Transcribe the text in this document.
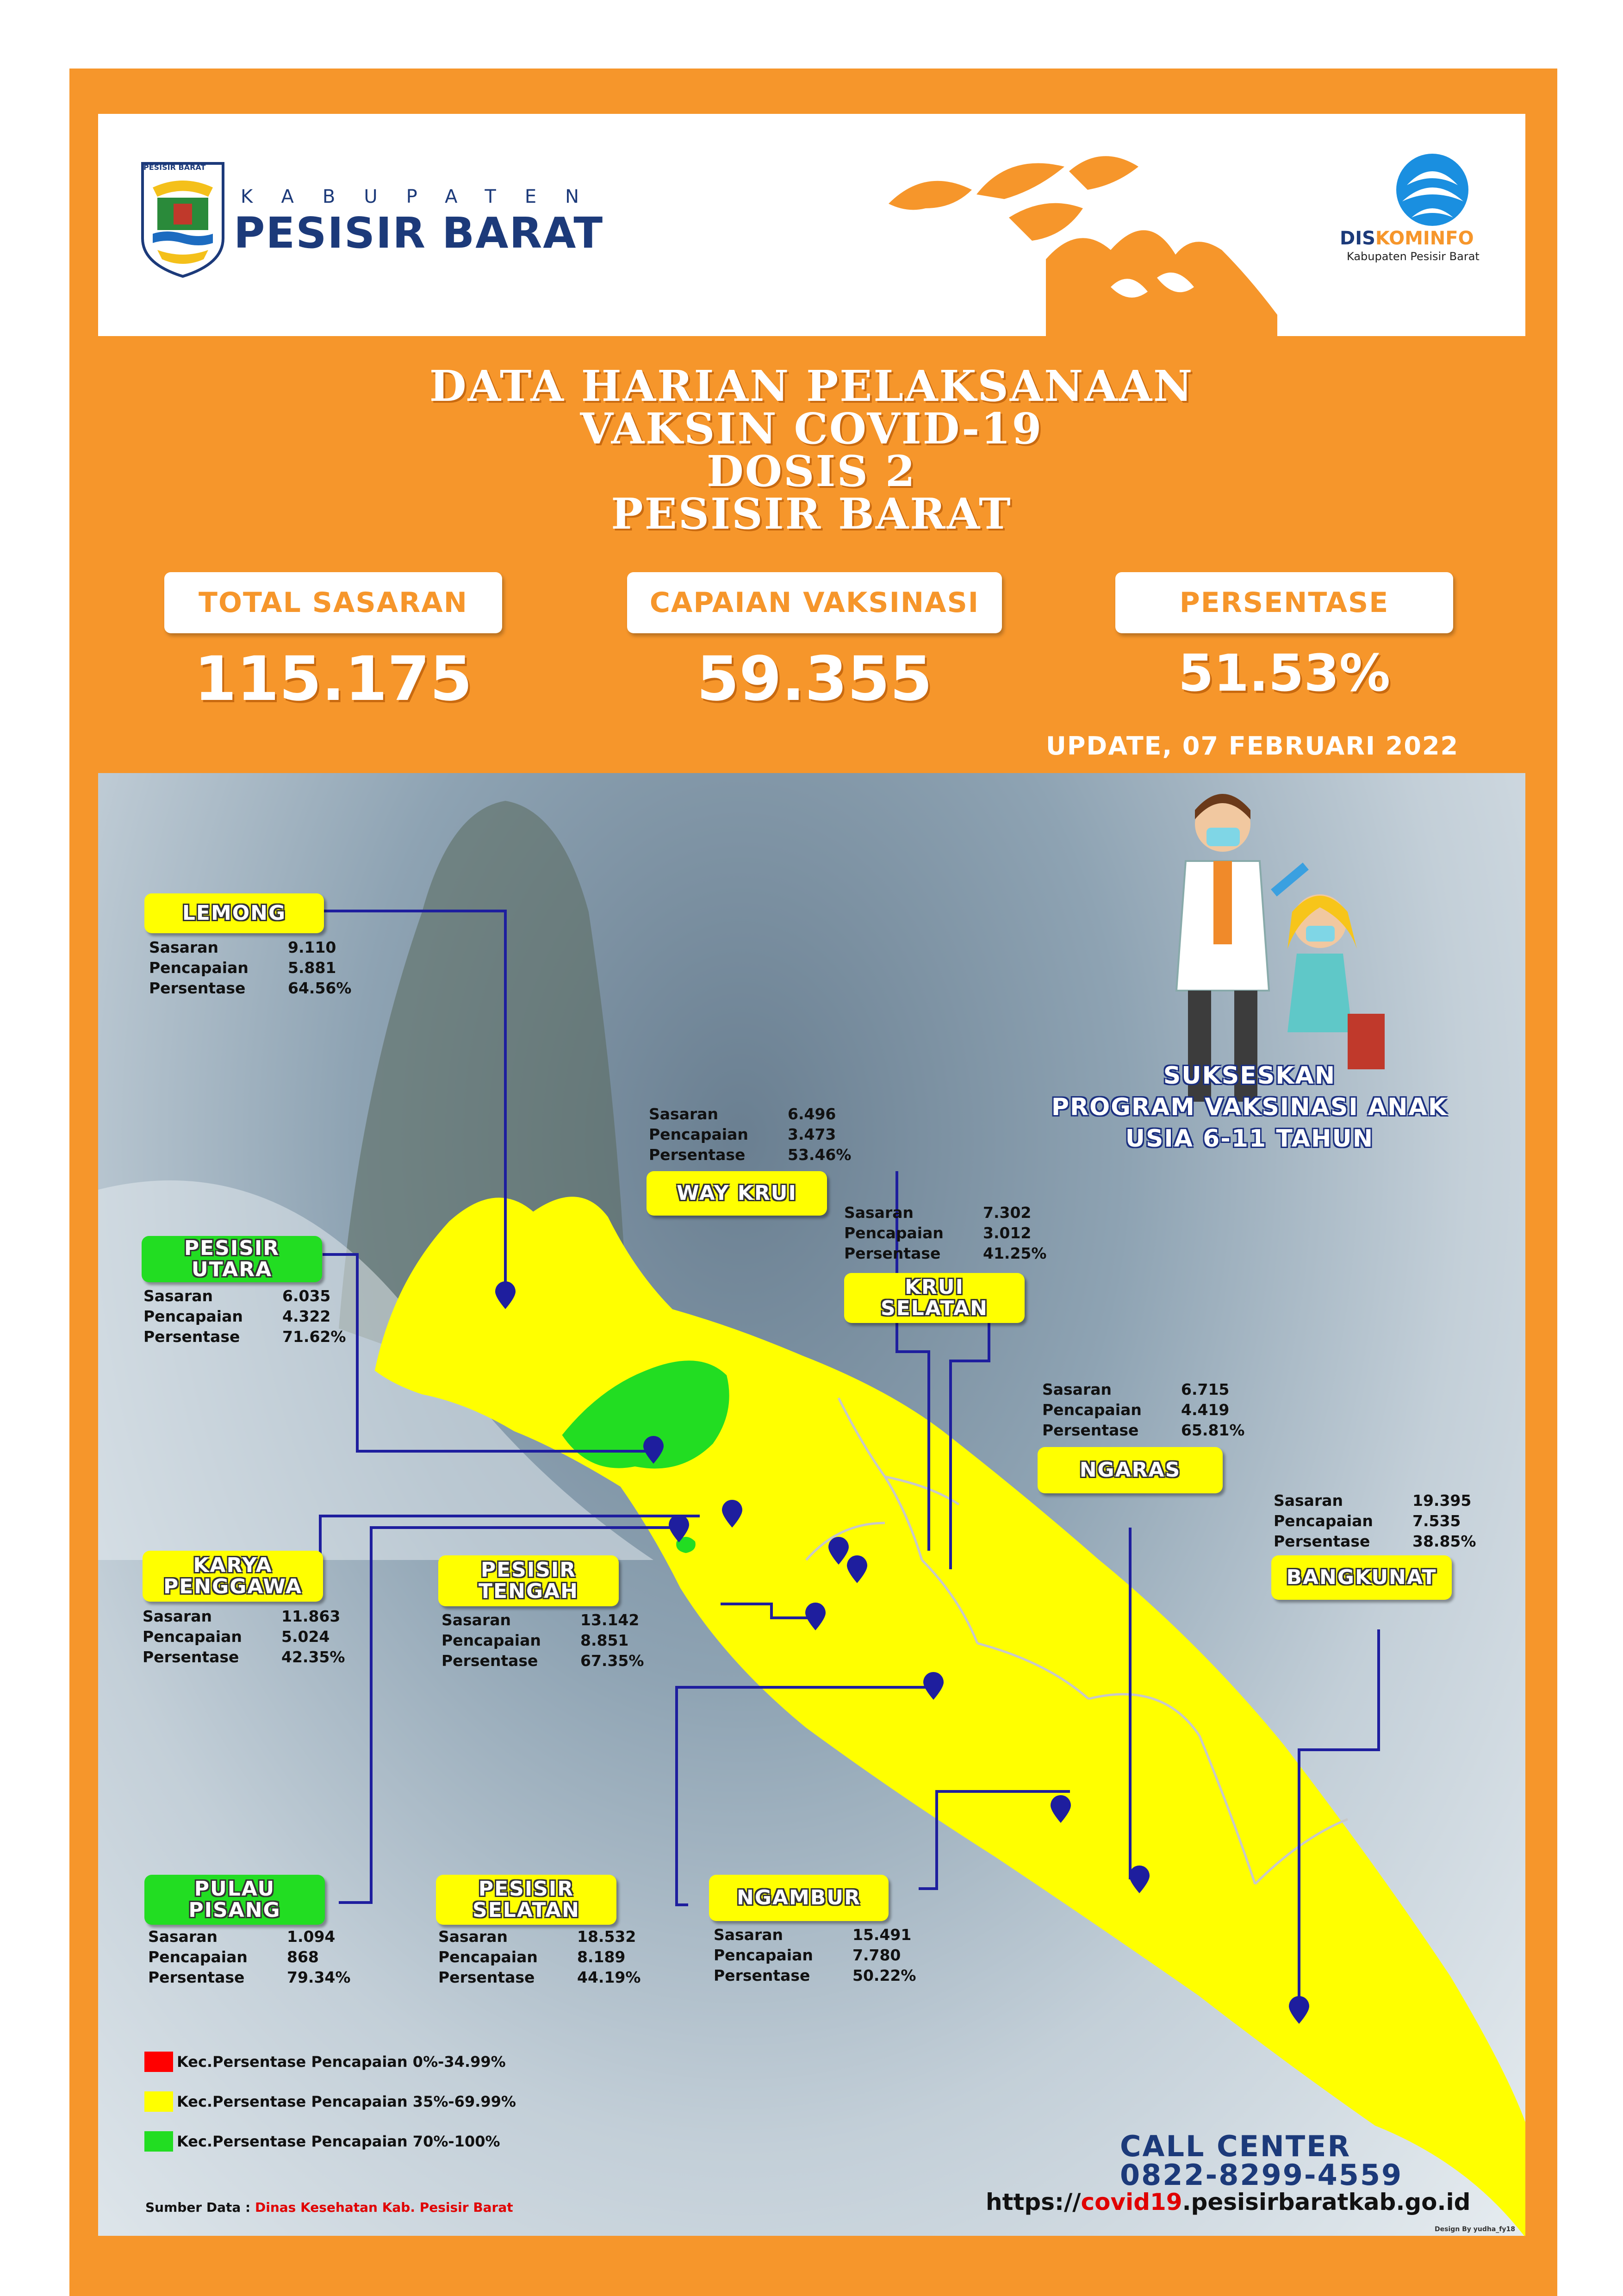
PESISIR BARAT
KABUPATEN
PESISIR BARAT	DISKOMINFO
Kabupaten Pesisir Barat
DATA HARIAN PELAKSANAAN
VAKSIN COVID-19
DOSIS 2
PESISIR BARAT
TOTAL SASARAN	CAPAIAN VAKSINASI	PERSENTASE
115.175	59.355	51.53%
UPDATE, 07 FEBRUARI 2022
LEMONG
Sasaran	9.110
Pencapaian	5.881
Persentase	64.56%
PESISIR
UTARA
Sasaran	6.035
Pencapaian	4.322
Persentase	71.62%
Sasaran	6.496
Pencapaian	3.473
Persentase	53.46%
WAY KRUI
Sasaran	7.302
Pencapaian	3.012
Persentase	41.25%
KRUI
SELATAN
Sasaran	6.715
Pencapaian	4.419
Persentase	65.81%
NGARAS
Sasaran	19.395
Pencapaian	7.535
Persentase	38.85%
BANGKUNAT
KARYA
PENGGAWA
Sasaran	11.863
Pencapaian	5.024
Persentase	42.35%
PESISIR
TENGAH
Sasaran	13.142
Pencapaian	8.851
Persentase	67.35%
PULAU
PISANG
Sasaran	1.094
Pencapaian	868
Persentase	79.34%
PESISIR
SELATAN
Sasaran	18.532
Pencapaian	8.189
Persentase	44.19%
NGAMBUR
Sasaran	15.491
Pencapaian	7.780
Persentase	50.22%
SUKSESKAN
PROGRAM VAKSINASI ANAK
USIA 6-11 TAHUN
Kec.Persentase Pencapaian 0%-34.99%
Kec.Persentase Pencapaian 35%-69.99%
Kec.Persentase Pencapaian 70%-100%
Sumber Data : Dinas Kesehatan Kab. Pesisir Barat
CALL CENTER
0822-8299-4559
https://covid19.pesisirbaratkab.go.id
Design By yudha_fy18
